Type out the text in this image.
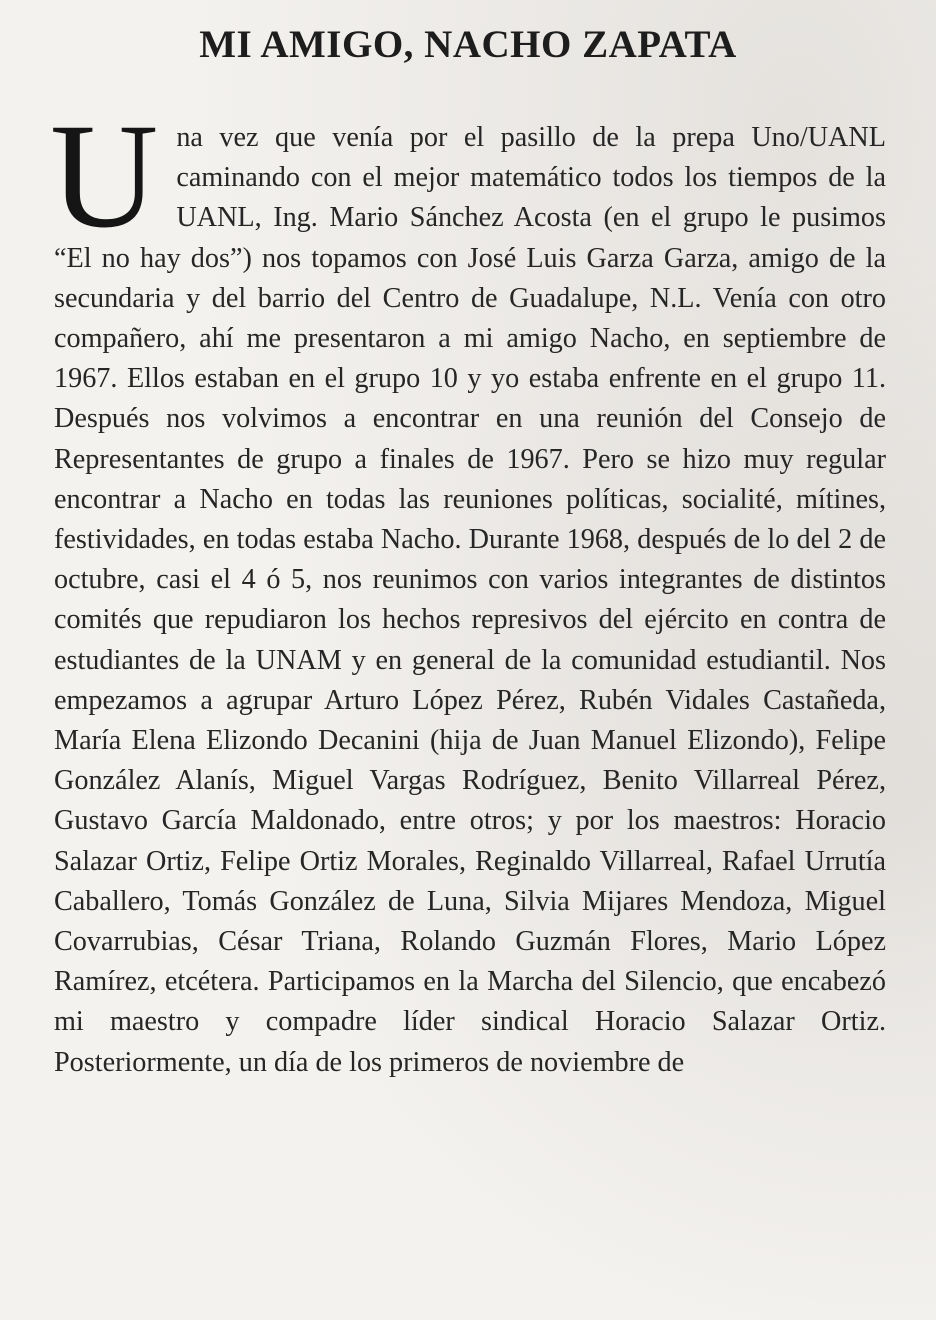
MI AMIGO, NACHO ZAPATA

Una vez que venía por el pasillo de la prepa Uno/UANL caminando con el mejor matemático todos los tiempos de la UANL, Ing. Mario Sánchez Acosta (en el grupo le pusimos “El no hay dos”) nos topamos con José Luis Garza Garza, amigo de la secundaria y del barrio del Centro de Guadalupe, N.L. Venía con otro compañero, ahí me presentaron a mi amigo Nacho, en septiembre de 1967. Ellos estaban en el grupo 10 y yo estaba enfrente en el grupo 11. Después nos volvimos a encontrar en una reunión del Consejo de Representantes de grupo a finales de 1967. Pero se hizo muy regular encontrar a Nacho en todas las reuniones políticas, socialité, mítines, festividades, en todas estaba Nacho. Durante 1968, después de lo del 2 de octubre, casi el 4 ó 5, nos reunimos con varios integrantes de distintos comités que repudiaron los hechos represivos del ejército en contra de estudiantes de la UNAM y en general de la comunidad estudiantil. Nos empezamos a agrupar Arturo López Pérez, Rubén Vidales Castañeda, María Elena Elizondo Decanini (hija de Juan Manuel Elizondo), Felipe González Alanís, Miguel Vargas Rodríguez, Benito Villarreal Pérez, Gustavo García Maldonado, entre otros; y por los maestros: Horacio Salazar Ortiz, Felipe Ortiz Morales, Reginaldo Villarreal, Rafael Urrutía Caballero, Tomás González de Luna, Silvia Mijares Mendoza, Miguel Covarrubias, César Triana, Rolando Guzmán Flores, Mario López Ramírez, etcétera. Participamos en la Marcha del Silencio, que encabezó mi maestro y compadre líder sindical Horacio Salazar Ortiz. Posteriormente, un día de los primeros de noviembre de
